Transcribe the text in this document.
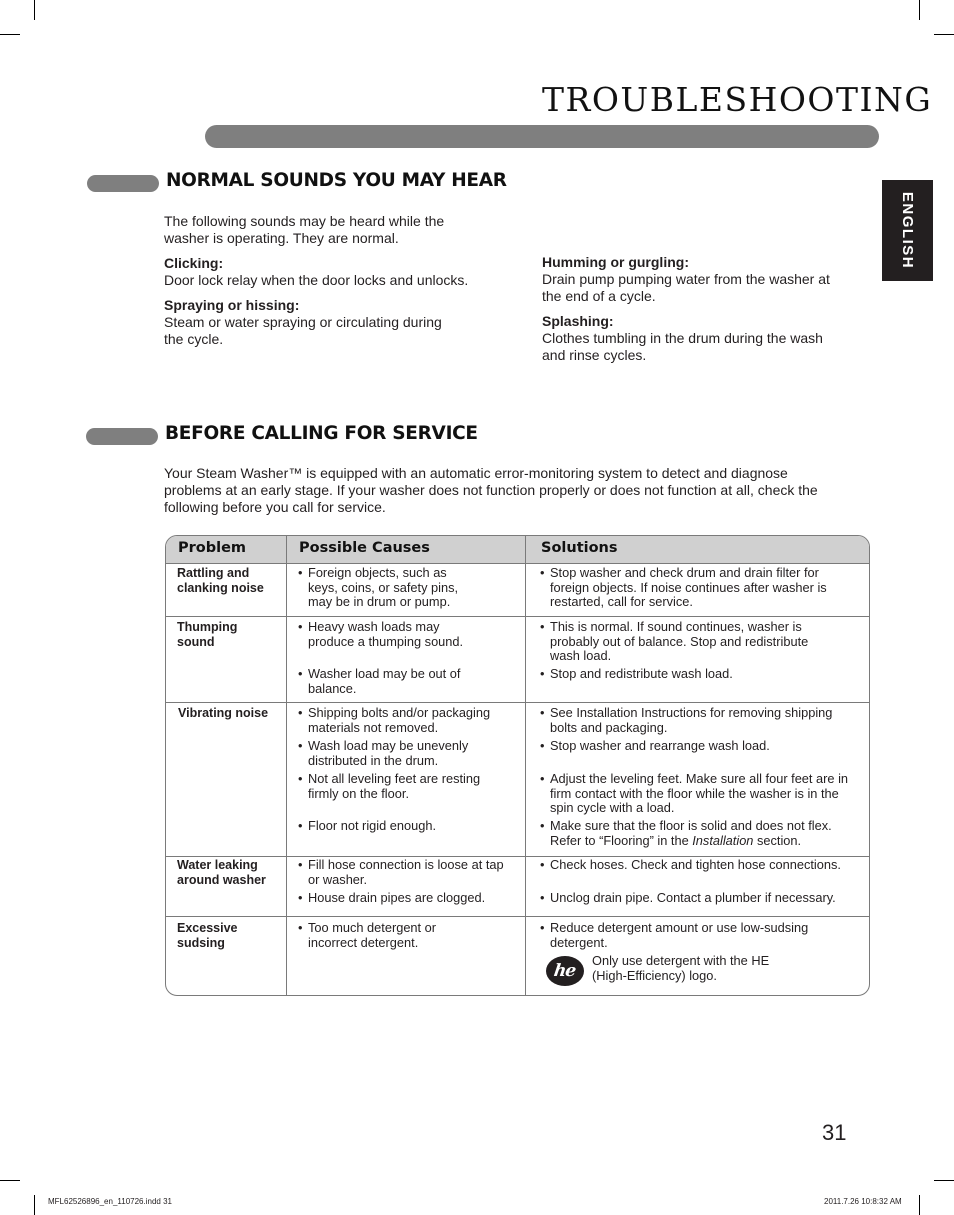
TROUBLESHOOTING
ENGLISH
NORMAL SOUNDS YOU MAY HEAR
The following sounds may be heard while the
washer is operating. They are normal.
Clicking:
Door lock relay when the door locks and unlocks.
Spraying or hissing:
Steam or water spraying or circulating during
the cycle.
Humming or gurgling:
Drain pump pumping water from the washer at
the end of a cycle.
Splashing:
Clothes tumbling in the drum during the wash
and rinse cycles.
BEFORE CALLING FOR SERVICE
Your Steam Washer™ is equipped with an automatic error-monitoring system to detect and diagnose
problems at an early stage. If your washer does not function properly or does not function at all, check the
following before you call for service.
Problem	Possible Causes	Solutions
Rattling and
clanking noise
• Foreign objects, such as
keys, coins, or safety pins,
may be in drum or pump.
• Stop washer and check drum and drain filter for
foreign objects. If noise continues after washer is
restarted, call for service.
Thumping
sound
• Heavy wash loads may
produce a thumping sound.
• Washer load may be out of
balance.
• This is normal. If sound continues, washer is
probably out of balance. Stop and redistribute
wash load.
• Stop and redistribute wash load.
Vibrating noise
•	Shipping bolts and/or packaging
materials not removed.
• Wash load may be unevenly
distributed in the drum.
• Not all leveling feet are resting
firmly on the floor.
• Floor not rigid enough.
• See Installation Instructions for removing shipping
bolts and packaging.
• Stop washer and rearrange wash load.
• Adjust the leveling feet. Make sure all four feet are in
firm contact with the floor while the washer is in the
spin cycle with a load.
• Make sure that the floor is solid and does not flex.
Refer to “Flooring” in the Installation section.
Water leaking
around washer
• Fill hose connection is loose at tap
or washer.
• House drain pipes are clogged.
• Check hoses. Check and tighten hose connections.
• Unclog drain pipe. Contact a plumber if necessary.
Excessive
sudsing
• Too much detergent or
incorrect detergent.
• Reduce detergent amount or use low-sudsing
detergent.
he
Only use detergent with the HE
(High-Efficiency) logo.
31
MFL62526896_en_110726.indd 31	2011.7.26 10:8:32 AM
